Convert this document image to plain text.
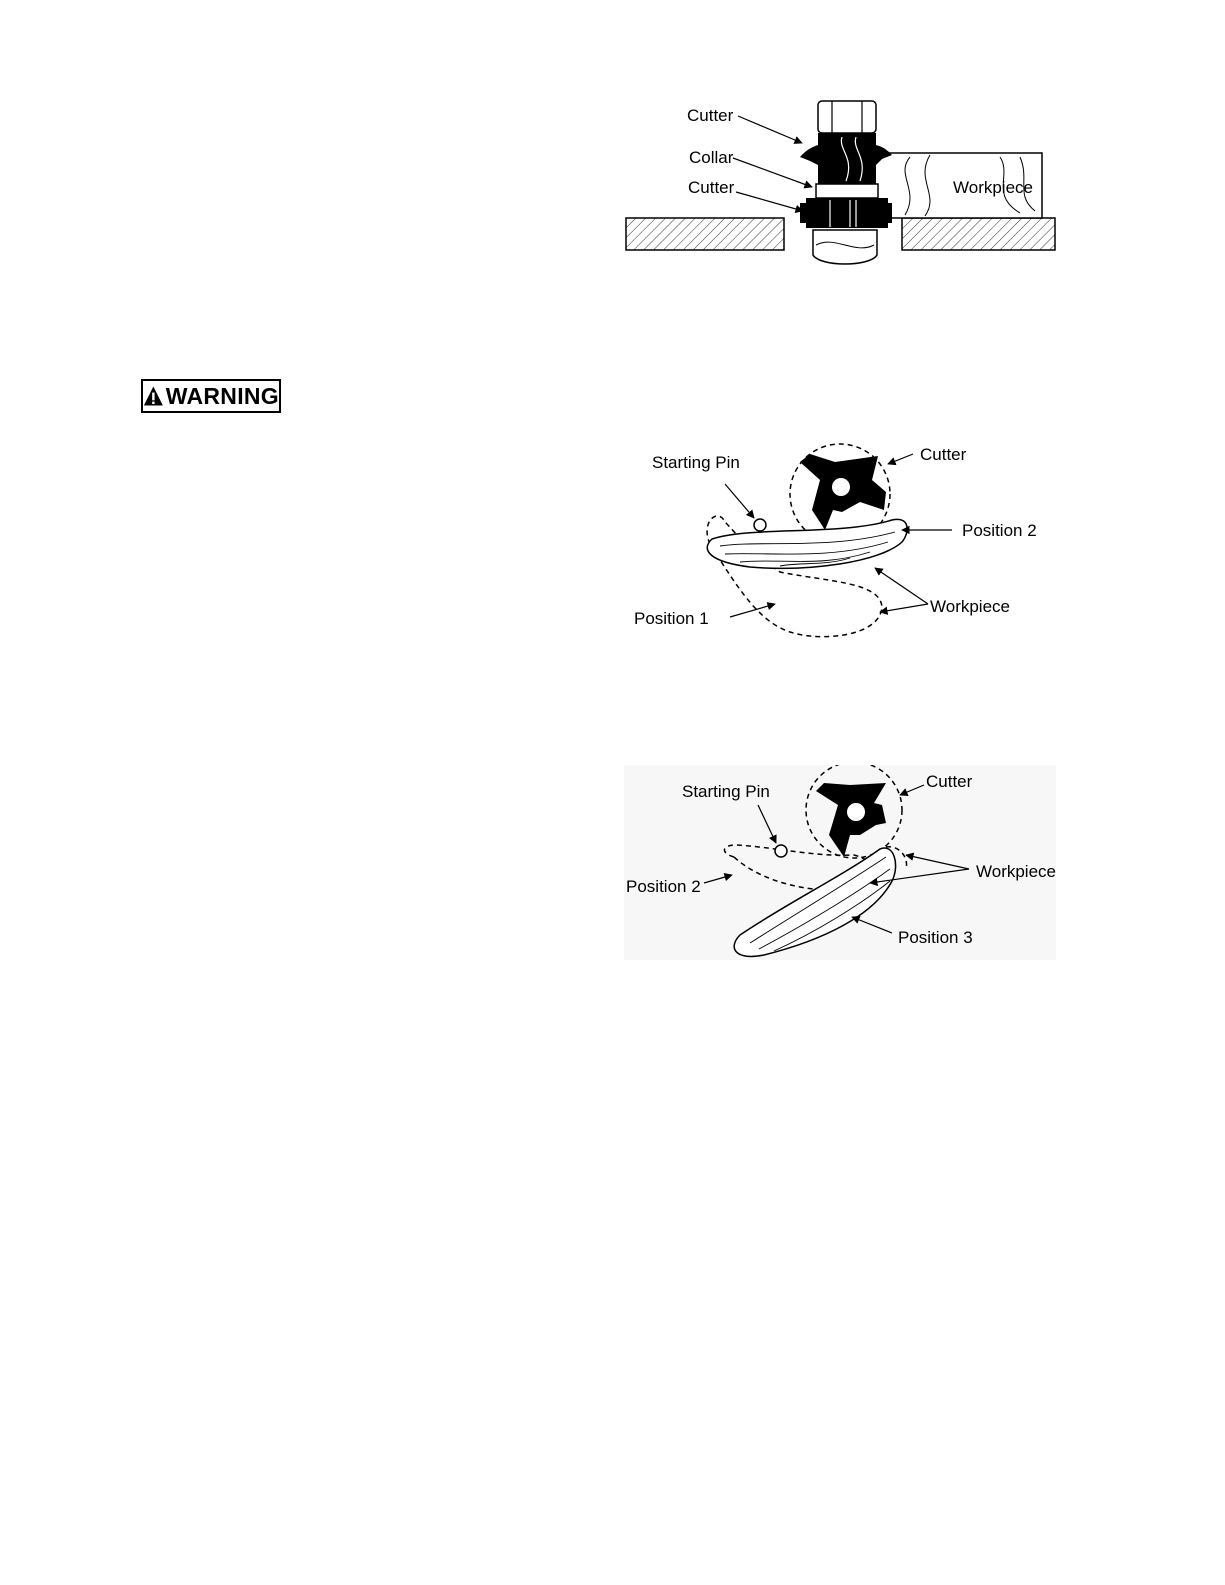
Cutter
Collar
Cutter	Workpiece
WARNING
Starting Pin	Cutter
Position 2
Workpiece
Position 1
Starting Pin
Cutter
Workpiece
Position 2
Position 3
